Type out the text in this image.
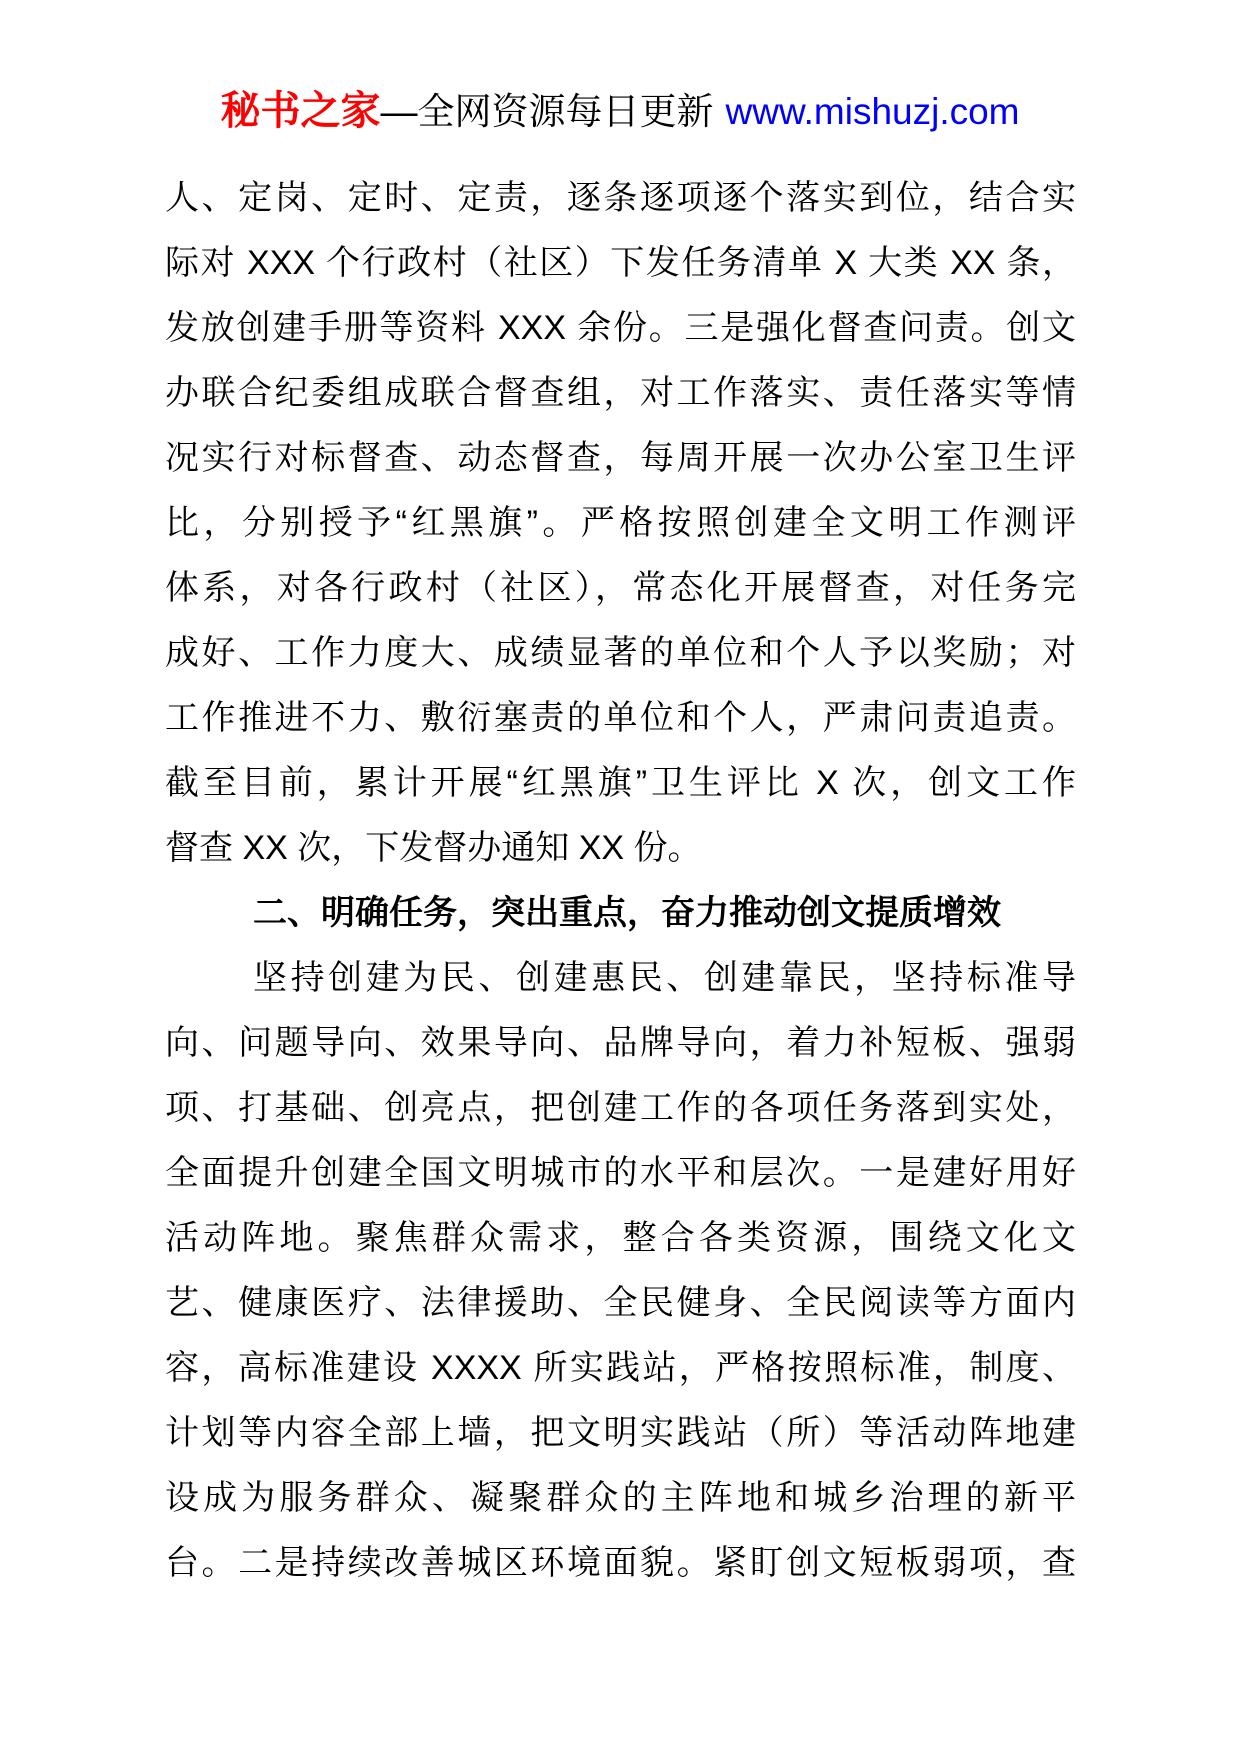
秘书之家—全网资源每日更新 www.mishuzj.com
人、定岗、定时、定责，逐条逐项逐个落实到位，结合实
际对 XXX 个行政村（社区）下发任务清单 X 大类 XX 条，
发放创建手册等资料 XXX 余份。三是强化督查问责。创文
办联合纪委组成联合督查组，对工作落实、责任落实等情
况实行对标督查、动态督查，每周开展一次办公室卫生评
比，分别授予“红黑旗”。严格按照创建全文明工作测评
体系，对各行政村（社区），常态化开展督查，对任务完
成好、工作力度大、成绩显著的单位和个人予以奖励；对
工作推进不力、敷衍塞责的单位和个人，严肃问责追责。
截至目前，累计开展“红黑旗”卫生评比 X 次，创文工作
督查 XX 次，下发督办通知 XX 份。
二、明确任务，突出重点，奋力推动创文提质增效
坚持创建为民、创建惠民、创建靠民，坚持标准导
向、问题导向、效果导向、品牌导向，着力补短板、强弱
项、打基础、创亮点，把创建工作的各项任务落到实处，
全面提升创建全国文明城市的水平和层次。一是建好用好
活动阵地。聚焦群众需求，整合各类资源，围绕文化文
艺、健康医疗、法律援助、全民健身、全民阅读等方面内
容，高标准建设 XXXX 所实践站，严格按照标准，制度、
计划等内容全部上墙，把文明实践站（所）等活动阵地建
设成为服务群众、凝聚群众的主阵地和城乡治理的新平
台。二是持续改善城区环境面貌。紧盯创文短板弱项，查
